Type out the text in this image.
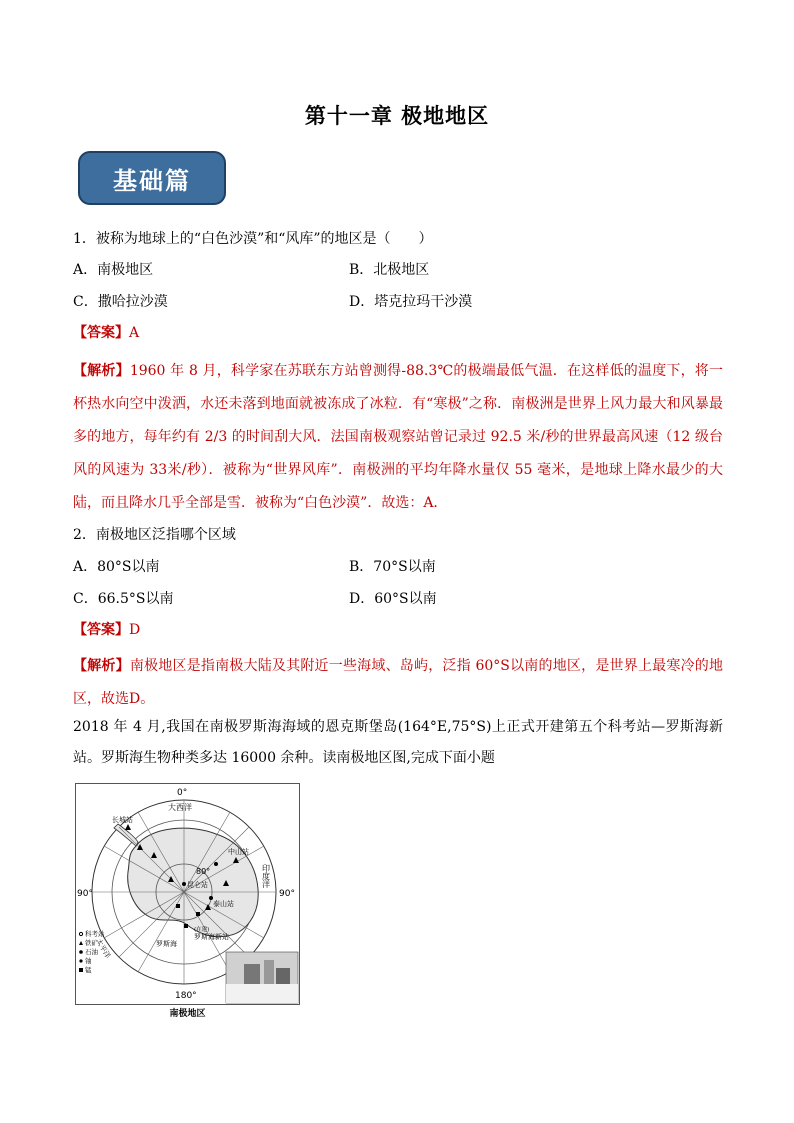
第十一章 极地地区
基础篇
1．被称为地球上的“白色沙漠”和“风库”的地区是（　　）
A．南极地区	B．北极地区
C．撒哈拉沙漠	D．塔克拉玛干沙漠
【答案】A
【解析】1960 年 8 月，科学家在苏联东方站曾测得-88.3℃的极端最低气温．在这样低的温度下，将一杯热水向空中泼洒，水还未落到地面就被冻成了冰粒．有“寒极”之称．南极洲是世界上风力最大和风暴最多的地方，每年约有 2/3 的时间刮大风．法国南极观察站曾记录过 92.5 米/秒的世界最高风速（12 级台风的风速为 33米/秒）．被称为“世界风库”．南极洲的平均年降水量仅 55 毫米，是地球上降水最少的大陆，而且降水几乎全部是雪．被称为“白色沙漠”．故选：A．
2．南极地区泛指哪个区域
A．80°S以南	B．70°S以南
C．66.5°S以南	D．60°S以南
【答案】D
【解析】南极地区是指南极大陆及其附近一些海域、岛屿，泛指 60°S以南的地区，是世界上最寒冷的地区，故选D。
2018 年 4 月,我国在南极罗斯海海域的恩克斯堡岛(164°E,75°S)上正式开建第五个科考站—罗斯海新站。罗斯海生物种类多达 16000 余种。读南极地区图,完成下面小题
0°
180°
90°	90°
80°
大西洋
印度洋
太平洋	罗斯海
长城站
中山站
昆仑站
泰山站
(在建)
罗斯海新站
科考站
铁矿
石油
铀
锰
南极地区
